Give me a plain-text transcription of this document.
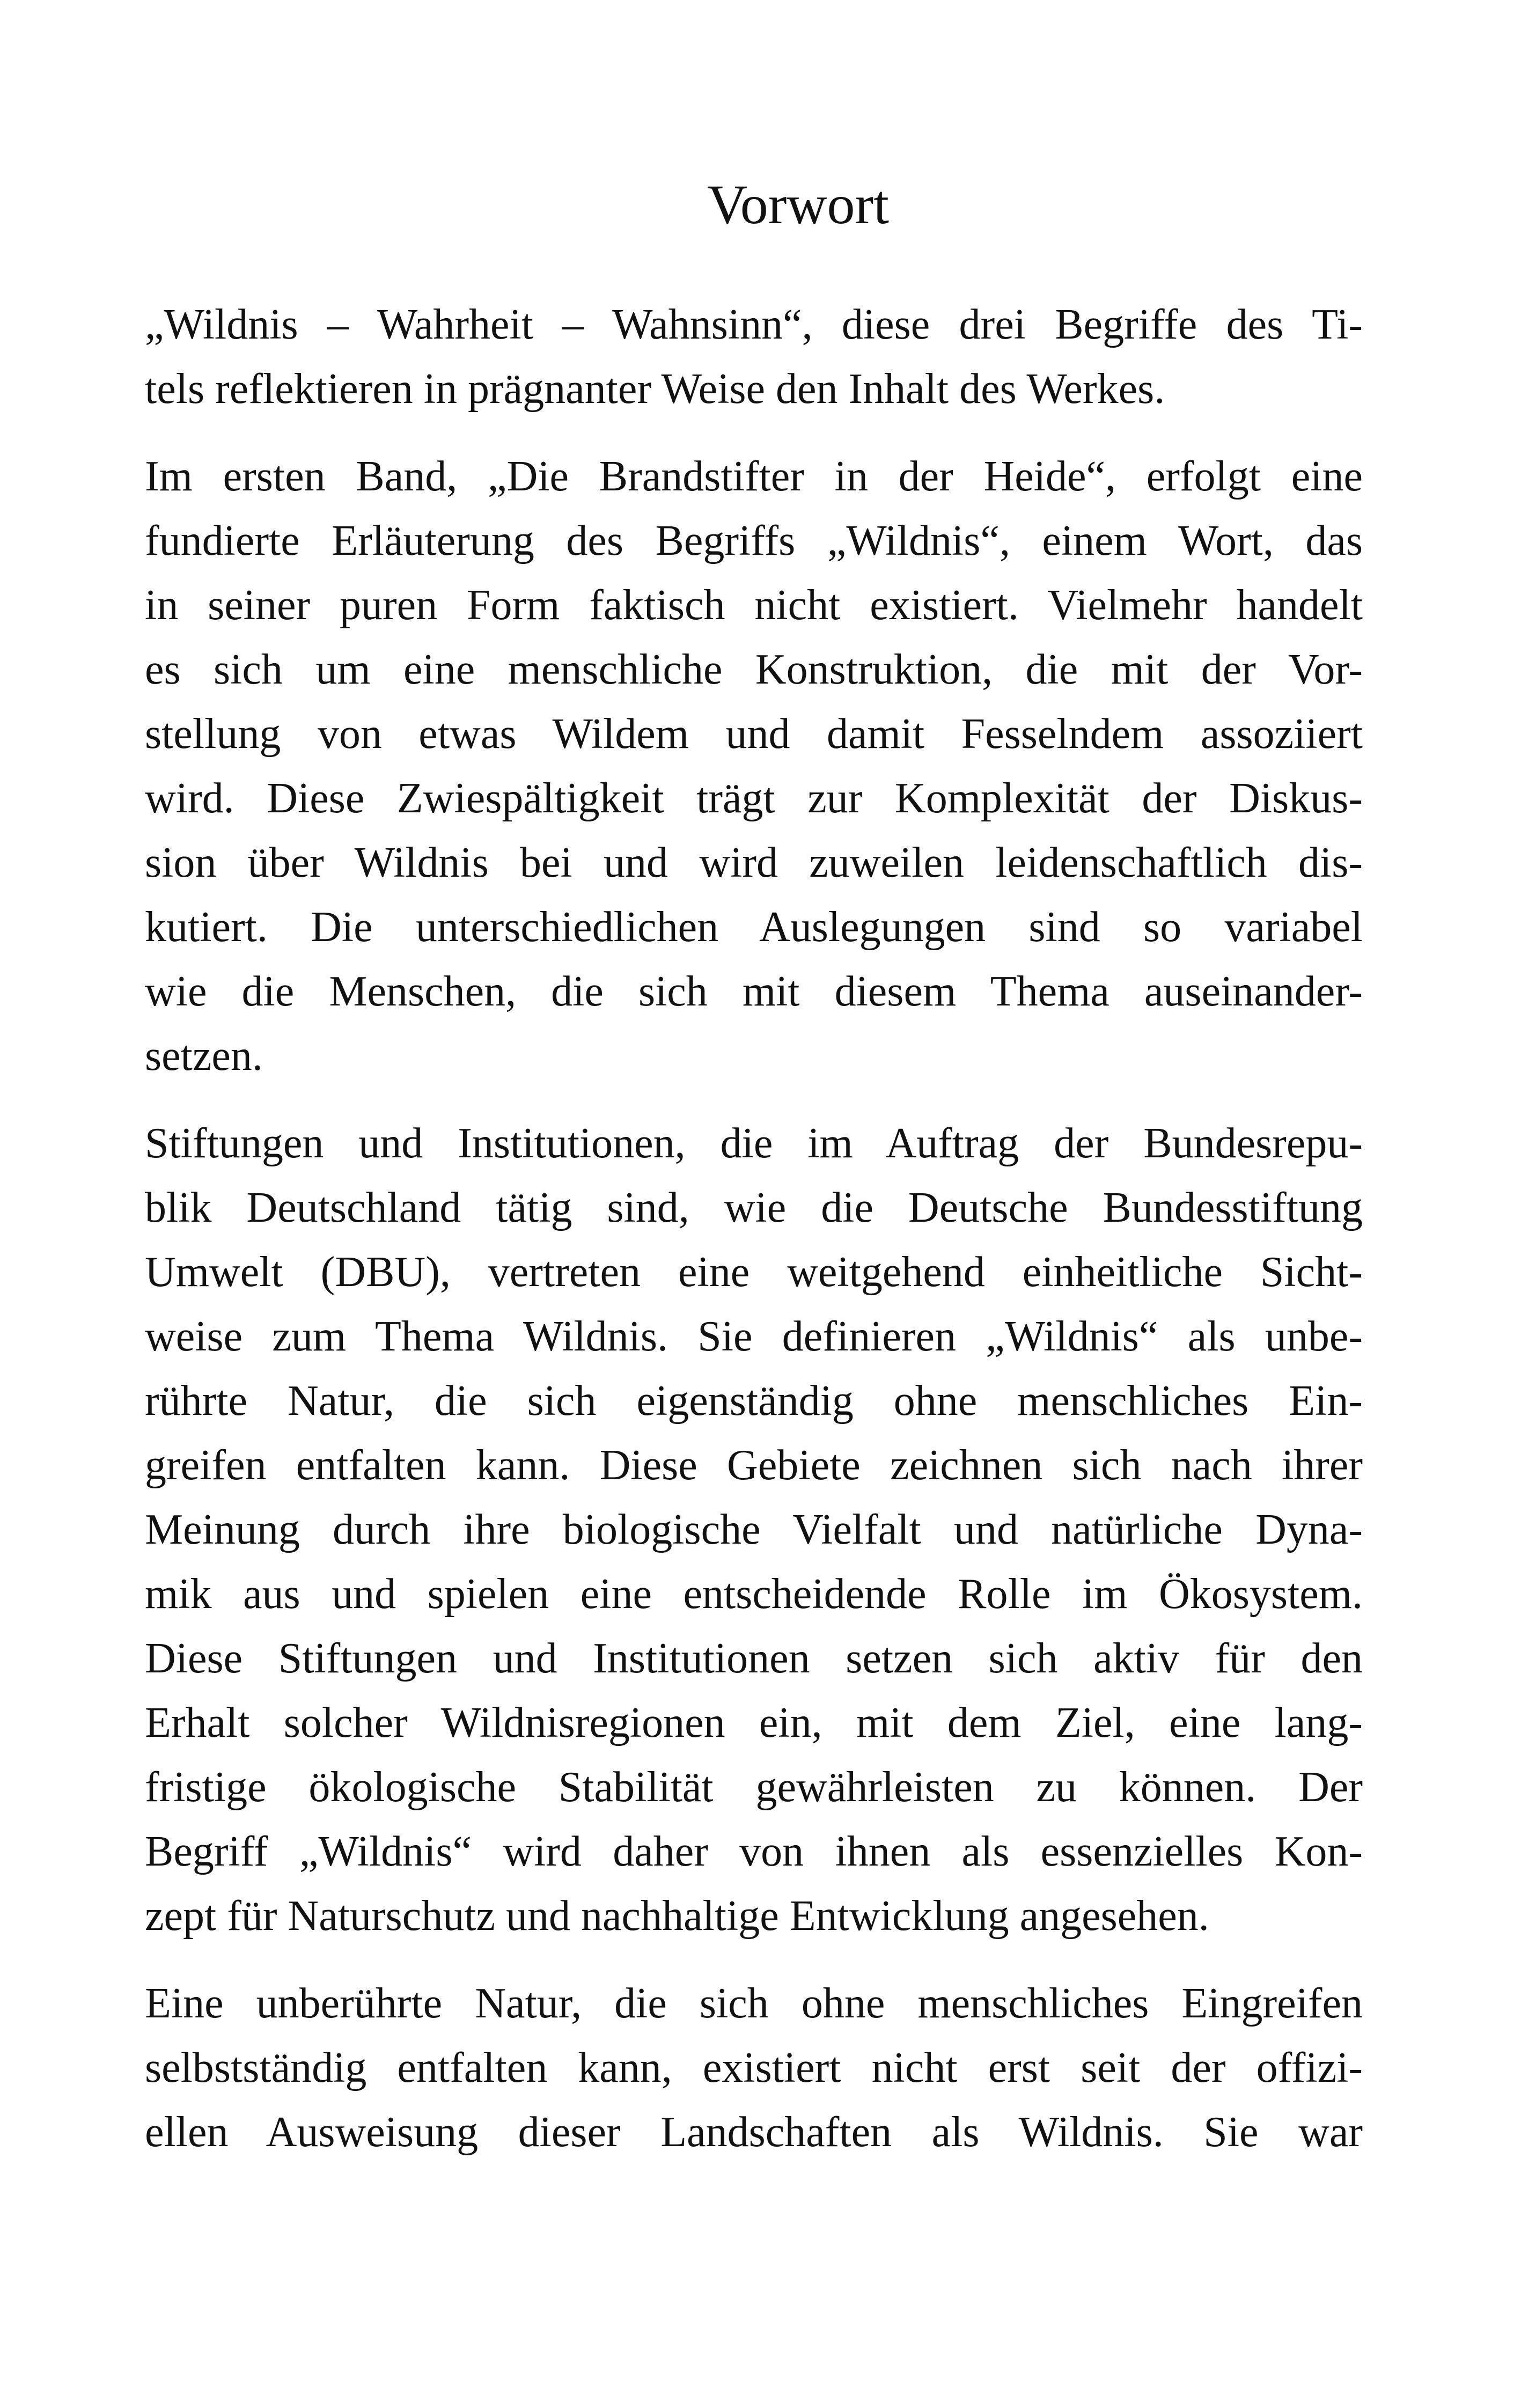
Vorwort
„Wildnis – Wahrheit – Wahnsinn“, diese drei Begriffe des Ti-
tels reflektieren in prägnanter Weise den Inhalt des Werkes.
Im ersten Band, „Die Brandstifter in der Heide“, erfolgt eine
fundierte Erläuterung des Begriffs „Wildnis“, einem Wort, das
in seiner puren Form faktisch nicht existiert. Vielmehr handelt
es sich um eine menschliche Konstruktion, die mit der Vor-
stellung von etwas Wildem und damit Fesselndem assoziiert
wird. Diese Zwiespältigkeit trägt zur Komplexität der Diskus-
sion über Wildnis bei und wird zuweilen leidenschaftlich dis-
kutiert. Die unterschiedlichen Auslegungen sind so variabel
wie die Menschen, die sich mit diesem Thema auseinander-
setzen.
Stiftungen und Institutionen, die im Auftrag der Bundesrepu-
blik Deutschland tätig sind, wie die Deutsche Bundesstiftung
Umwelt (DBU), vertreten eine weitgehend einheitliche Sicht-
weise zum Thema Wildnis. Sie definieren „Wildnis“ als unbe-
rührte Natur, die sich eigenständig ohne menschliches Ein-
greifen entfalten kann. Diese Gebiete zeichnen sich nach ihrer
Meinung durch ihre biologische Vielfalt und natürliche Dyna-
mik aus und spielen eine entscheidende Rolle im Ökosystem.
Diese Stiftungen und Institutionen setzen sich aktiv für den
Erhalt solcher Wildnisregionen ein, mit dem Ziel, eine lang-
fristige ökologische Stabilität gewährleisten zu können. Der
Begriff „Wildnis“ wird daher von ihnen als essenzielles Kon-
zept für Naturschutz und nachhaltige Entwicklung angesehen.
Eine unberührte Natur, die sich ohne menschliches Eingreifen
selbstständig entfalten kann, existiert nicht erst seit der offizi-
ellen Ausweisung dieser Landschaften als Wildnis. Sie war
